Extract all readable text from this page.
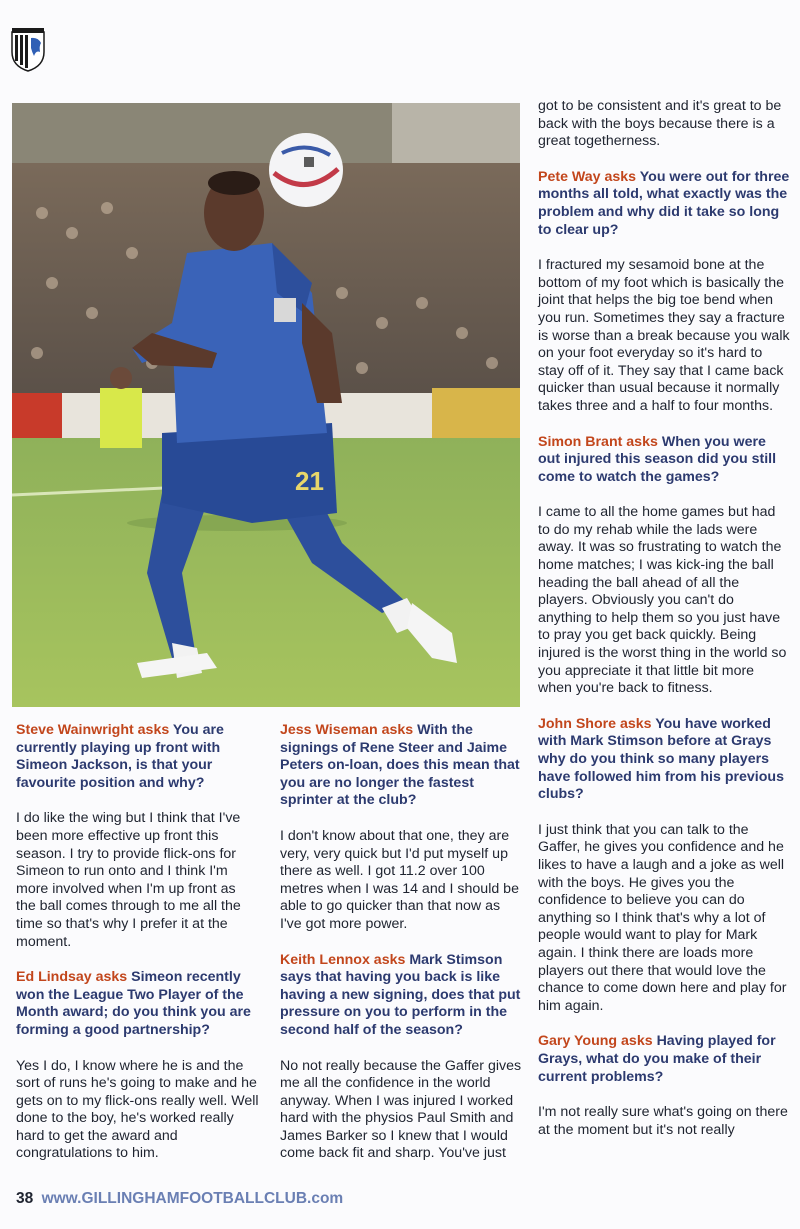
21
Steve Wainwright asks You are currently playing up front with Simeon Jackson, is that your favourite position and why?

I do like the wing but I think that I've been more effective up front this season. I try to provide flick-ons for Simeon to run onto and I think I'm more involved when I'm up front as the ball comes through to me all the time so that's why I prefer it at the moment.

Ed Lindsay asks Simeon recently won the League Two Player of the Month award; do you think you are forming a good partnership?

Yes I do, I know where he is and the sort of runs he's going to make and he gets on to my flick-ons really well. Well done to the boy, he's worked really hard to get the award and congratulations to him.

Jess Wiseman asks With the signings of Rene Steer and Jaime Peters on-loan, does this mean that you are no longer the fastest sprinter at the club?

I don't know about that one, they are very, very quick but I'd put myself up there as well. I got 11.2 over 100 metres when I was 14 and I should be able to go quicker than that now as I've got more power.

Keith Lennox asks Mark Stimson says that having you back is like having a new signing, does that put pressure on you to perform in the second half of the season?

No not really because the Gaffer gives me all the confidence in the world anyway. When I was injured I worked hard with the physios Paul Smith and James Barker so I knew that I would come back fit and sharp. You've just

got to be consistent and it's great to be back with the boys because there is a great togetherness.

Pete Way asks You were out for three months all told, what exactly was the problem and why did it take so long to clear up?

I fractured my sesamoid bone at the bottom of my foot which is basically the joint that helps the big toe bend when you run. Sometimes they say a fracture is worse than a break because you walk on your foot everyday so it's hard to stay off of it. They say that I came back quicker than usual because it normally takes three and a half to four months.

Simon Brant asks When you were out injured this season did you still come to watch the games?

I came to all the home games but had to do my rehab while the lads were away. It was so frustrating to watch the home matches; I was kick-ing the ball heading the ball ahead of all the players. Obviously you can't do anything to help them so you just have to pray you get back quickly. Being injured is the worst thing in the world so you appreciate it that little bit more when you're back to fitness.

John Shore asks You have worked with Mark Stimson before at Grays why do you think so many players have followed him from his previous clubs?

I just think that you can talk to the Gaffer, he gives you confidence and he likes to have a laugh and a joke as well with the boys. He gives you the confidence to believe you can do anything so I think that's why a lot of people would want to play for Mark again. I think there are loads more players out there that would love the chance to come down here and play for him again.

Gary Young asks Having played for Grays, what do you make of their current problems?

I'm not really sure what's going on there at the moment but it's not really

38 www.GILLINGHAMFOOTBALLCLUB.com
